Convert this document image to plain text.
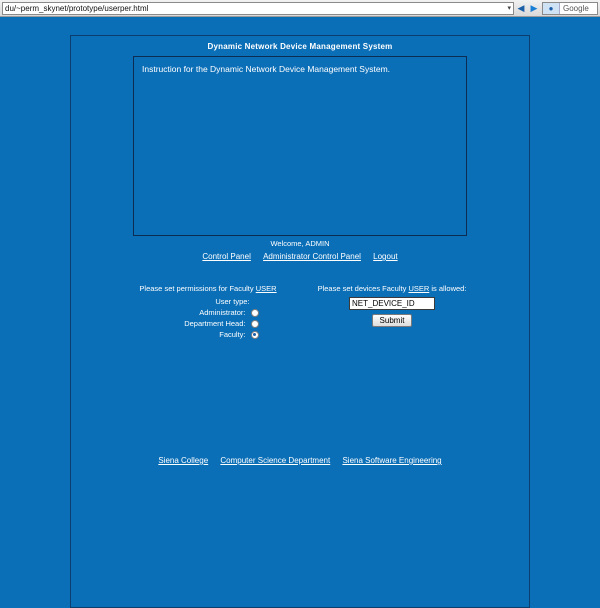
du/~perm_skynet/prototype/userper.html	▾ ◀ ▶	●	Google
Dynamic Network Device Management System
Instruction for the Dynamic Network Device Management System.
Welcome, ADMIN
Control Panel Administrator Control Panel Logout
Please set permissions for Faculty USER
User type:
Administrator:
Department Head:
Faculty:
Please set devices Faculty USER is allowed:
NET_DEVICE_ID
Submit
Siena College Computer Science Department Siena Software Engineering
